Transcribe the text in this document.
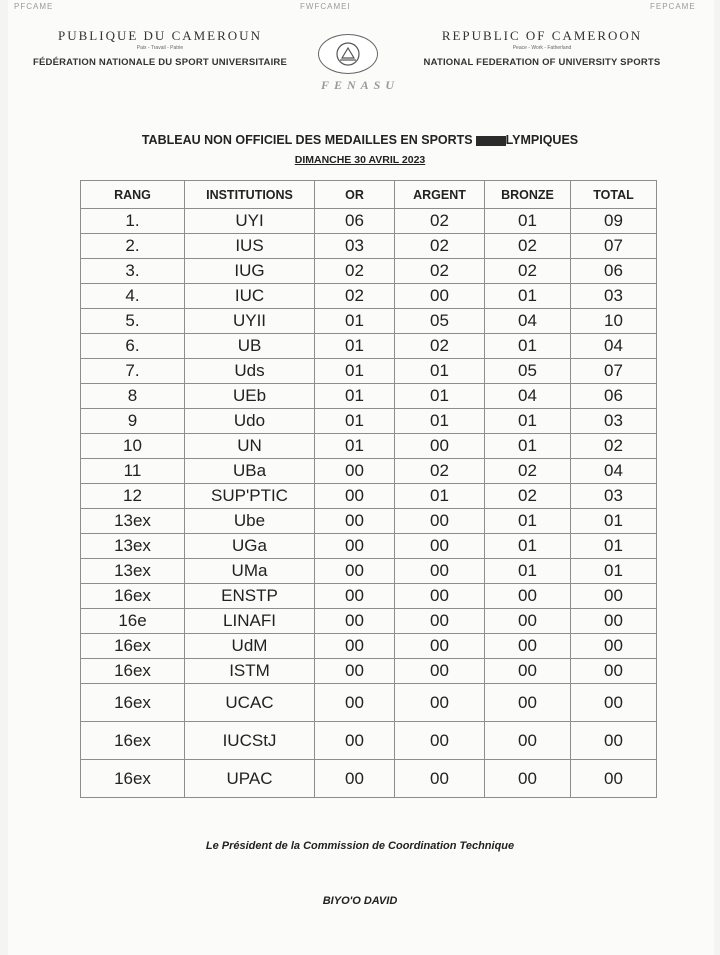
PFCAME	FWFCAMEI	FEPCAME
PUBLIQUE DU CAMEROUN
Paix - Travail - Patrie
FÉDÉRATION NATIONALE DU SPORT UNIVERSITAIRE
REPUBLIC OF CAMEROON
Peace - Work - Fatherland
NATIONAL FEDERATION OF UNIVERSITY SPORTS
FENASU
TABLEAU NON OFFICIEL DES MEDAILLES EN SPORTS	LYMPIQUES
DIMANCHE 30 AVRIL 2023
RANG	INSTITUTIONS	OR	ARGENT	BRONZE	TOTAL
1.	UYI	06	02	01	09
2.	IUS	03	02	02	07
3.	IUG	02	02	02	06
4.	IUC	02	00	01	03
5.	UYII	01	05	04	10
6.	UB	01	02	01	04
7.	Uds	01	01	05	07
8	UEb	01	01	04	06
9	Udo	01	01	01	03
10	UN	01	00	01	02
11	UBa	00	02	02	04
12	SUP'PTIC	00	01	02	03
13ex	Ube	00	00	01	01
13ex	UGa	00	00	01	01
13ex	UMa	00	00	01	01
16ex	ENSTP	00	00	00	00
16e	LINAFI	00	00	00	00
16ex	UdM	00	00	00	00
16ex	ISTM	00	00	00	00
16ex	UCAC	00	00	00	00
16ex	IUCStJ	00	00	00	00
16ex	UPAC	00	00	00	00
Le Président de la Commission de Coordination Technique
BIYO'O DAVID
